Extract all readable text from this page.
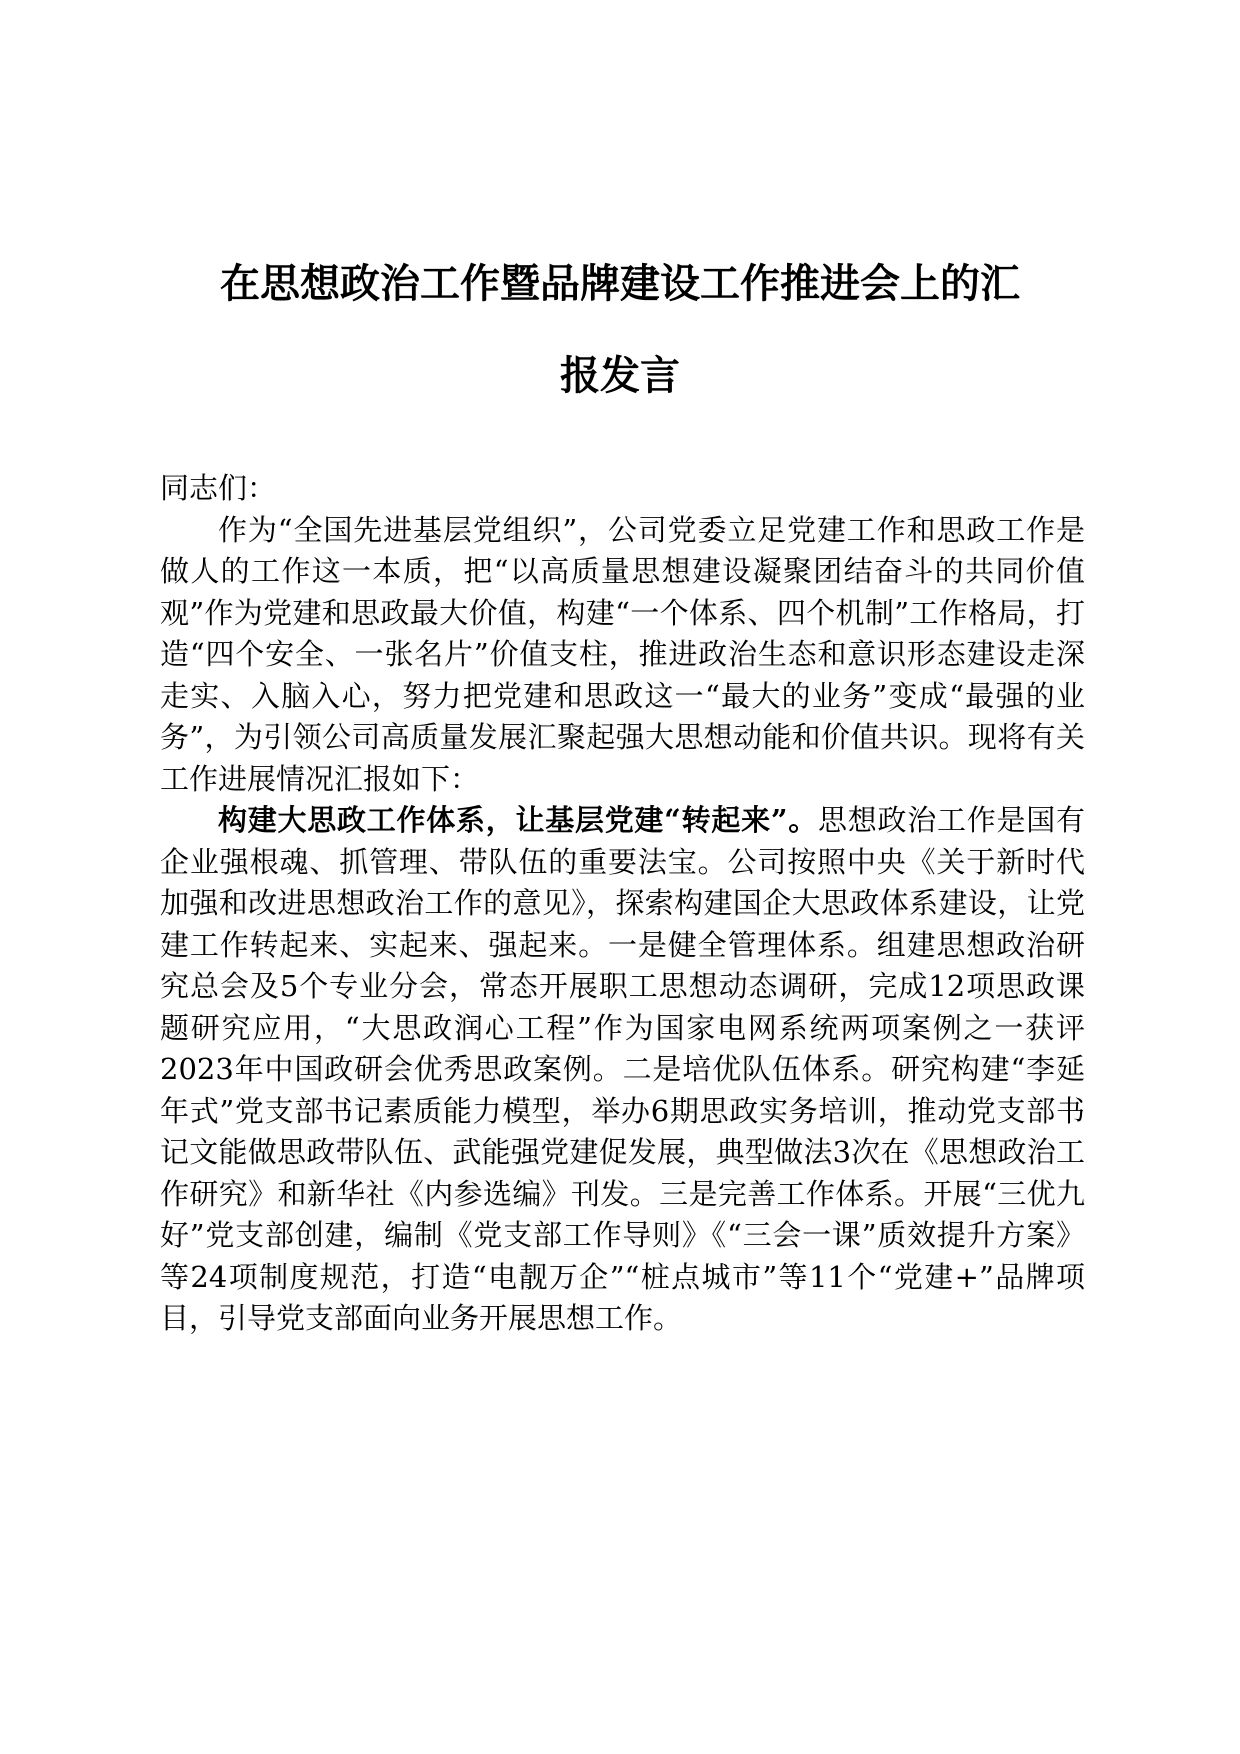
在思想政治工作暨品牌建设工作推进会上的汇
报发言

同志们：

作为“全国先进基层党组织”，公司党委立足党建工作和思政工作是做人的工作这一本质，把“以高质量思想建设凝聚团结奋斗的共同价值观”作为党建和思政最大价值，构建“一个体系、四个机制”工作格局，打造“四个安全、一张名片”价值支柱，推进政治生态和意识形态建设走深走实、入脑入心，努力把党建和思政这一“最大的业务”变成“最强的业务”，为引领公司高质量发展汇聚起强大思想动能和价值共识。现将有关工作进展情况汇报如下：

构建大思政工作体系，让基层党建“转起来”。思想政治工作是国有企业强根魂、抓管理、带队伍的重要法宝。公司按照中央《关于新时代加强和改进思想政治工作的意见》，探索构建国企大思政体系建设，让党建工作转起来、实起来、强起来。一是健全管理体系。组建思想政治研究总会及5个专业分会，常态开展职工思想动态调研，完成12项思政课题研究应用，“大思政润心工程”作为国家电网系统两项案例之一获评2023年中国政研会优秀思政案例。二是培优队伍体系。研究构建“李延年式”党支部书记素质能力模型，举办6期思政实务培训，推动党支部书记文能做思政带队伍、武能强党建促发展，典型做法3次在《思想政治工作研究》和新华社《内参选编》刊发。三是完善工作体系。开展“三优九好”党支部创建，编制《党支部工作导则》《“三会一课”质效提升方案》等24项制度规范，打造“电靓万企”“桩点城市”等11个“党建+”品牌项目，引导党支部面向业务开展思想工作。
